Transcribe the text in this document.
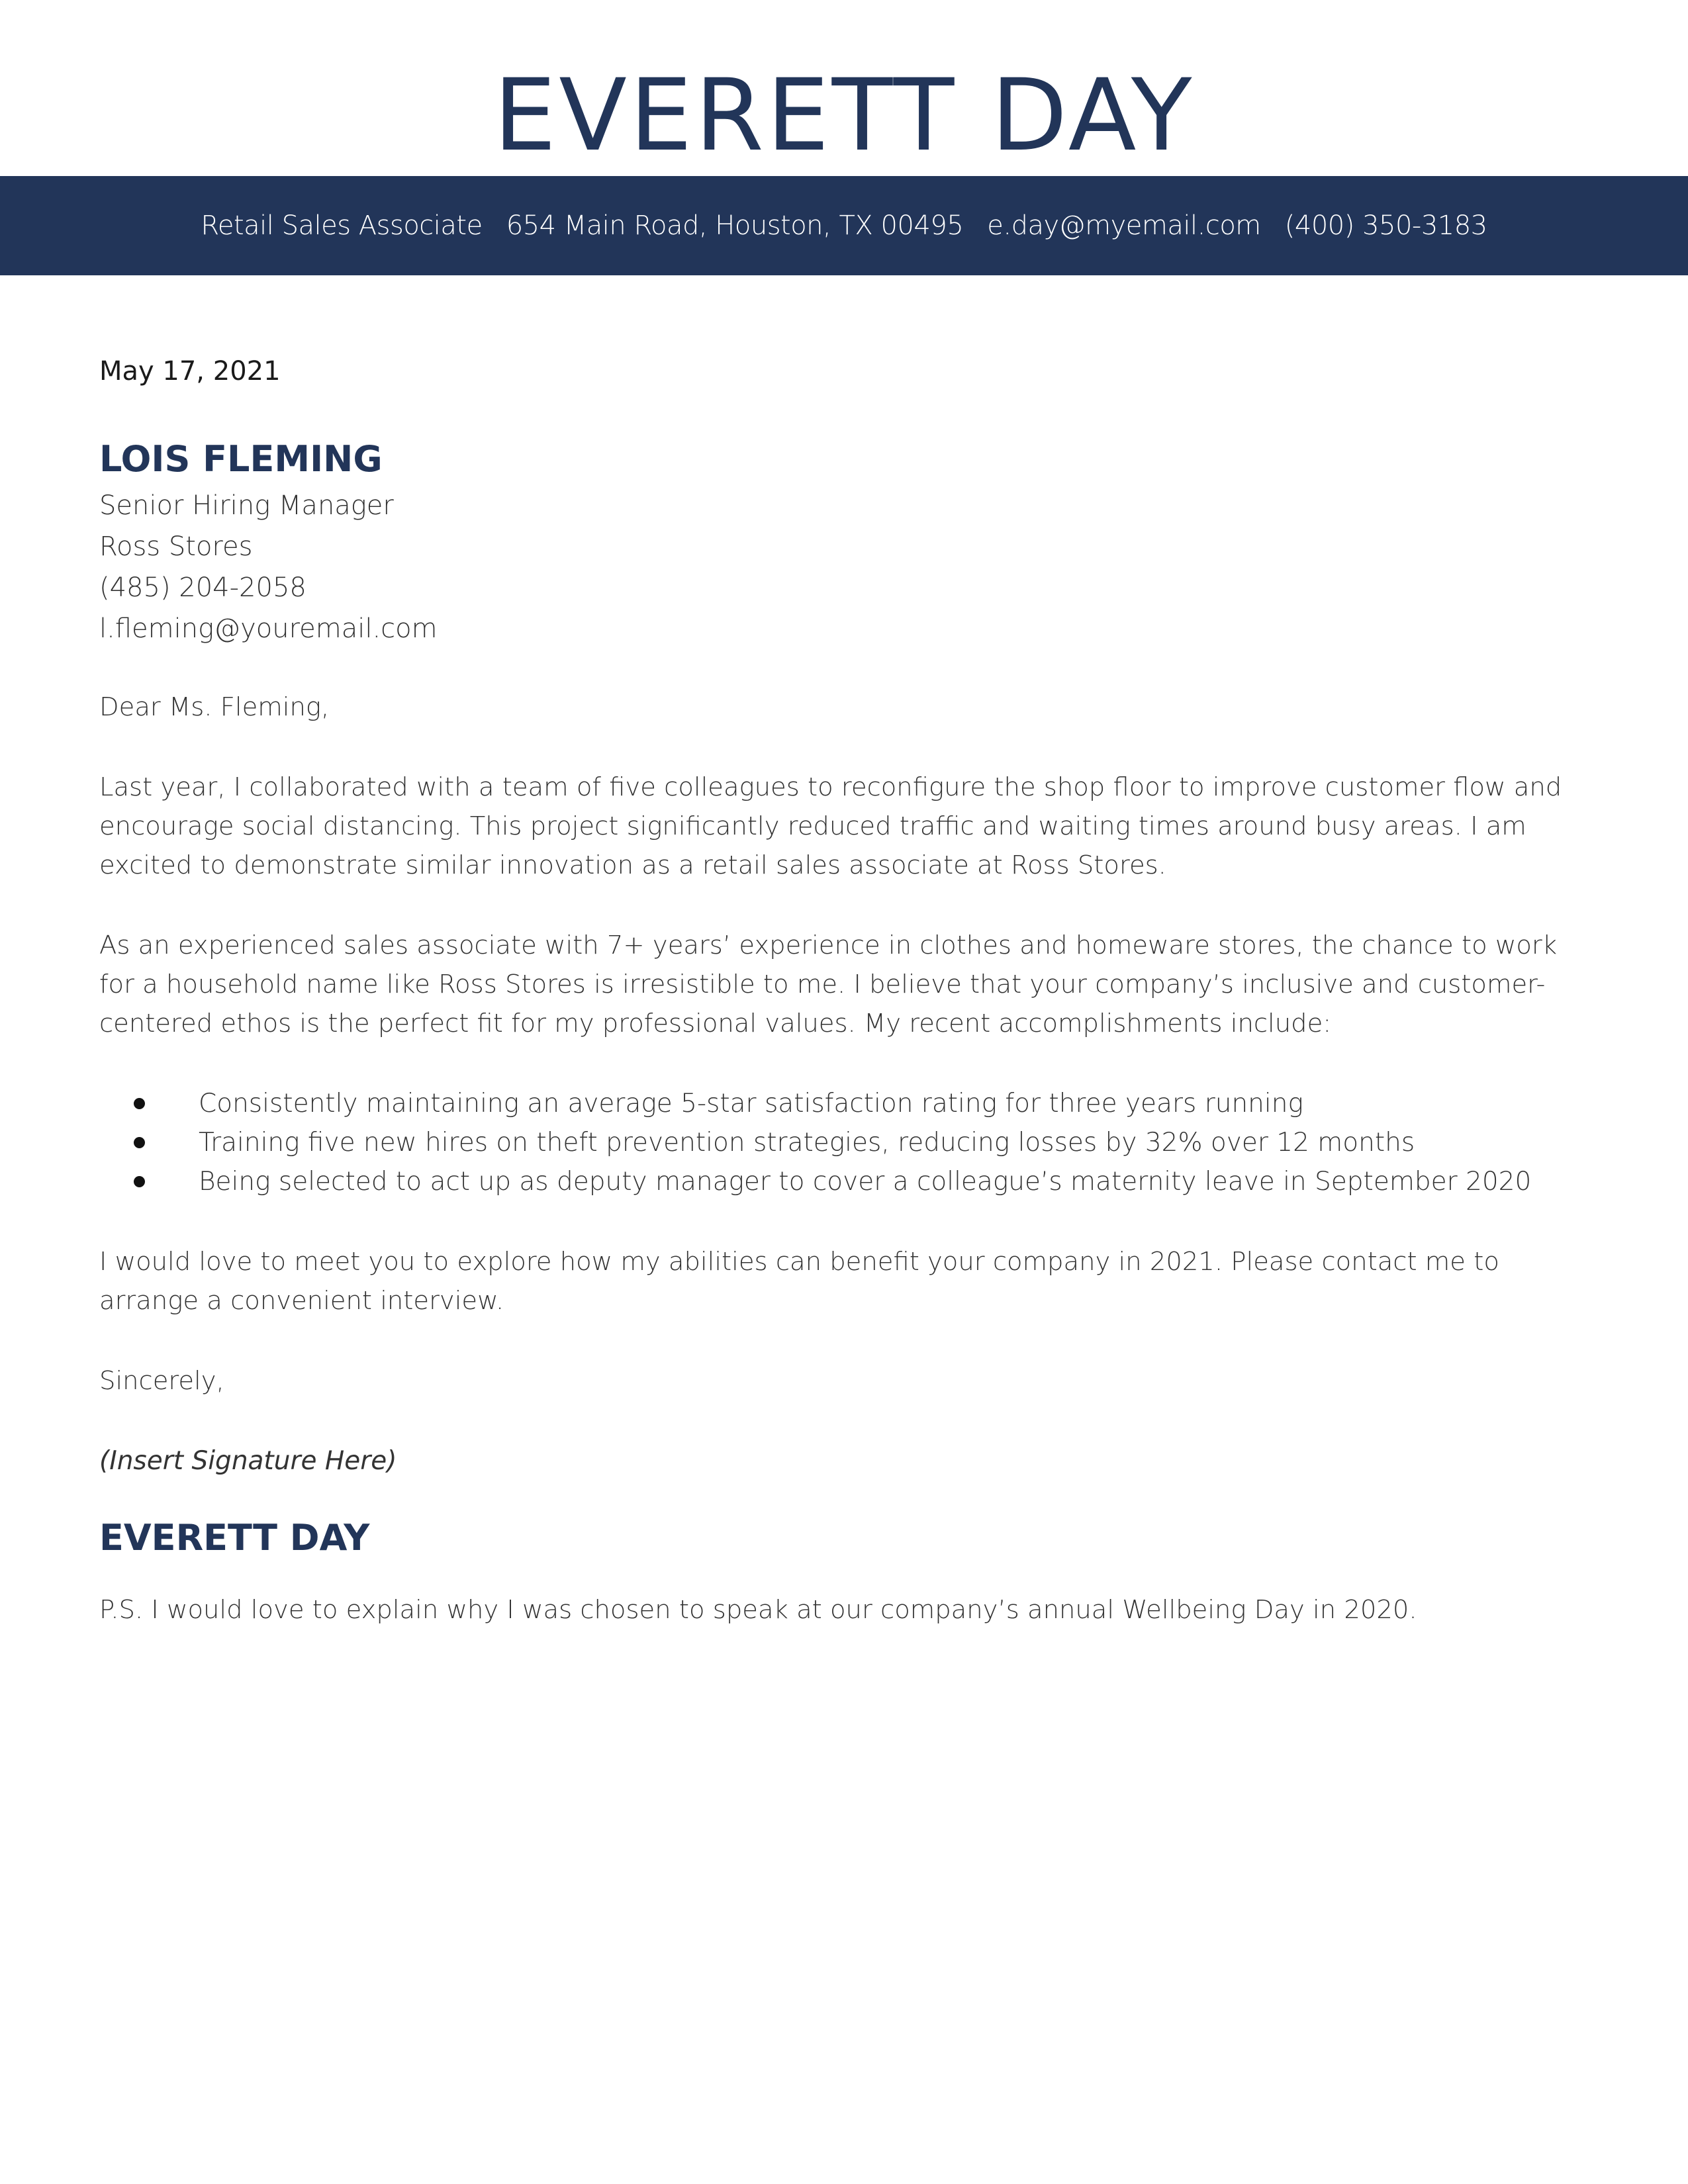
EVERETT DAY
Retail Sales Associate 654 Main Road, Houston, TX 00495 e.day@myemail.com (400) 350-3183

May 17, 2021

LOIS FLEMING

Senior Hiring Manager

Ross Stores

(485) 204-2058

l.fleming@youremail.com

Dear Ms. Fleming,

Last year, I collaborated with a team of five colleagues to reconfigure the shop floor to improve customer flow and encourage social distancing. This project significantly reduced traffic and waiting times around busy areas. I am excited to demonstrate similar innovation as a retail sales associate at Ross Stores.

As an experienced sales associate with 7+ years’ experience in clothes and homeware stores, the chance to work for a household name like Ross Stores is irresistible to me. I believe that your company’s inclusive and customer-centered ethos is the perfect fit for my professional values. My recent accomplishments include:

Consistently maintaining an average 5-star satisfaction rating for three years running
Training five new hires on theft prevention strategies, reducing losses by 32% over 12 months
Being selected to act up as deputy manager to cover a colleague’s maternity leave in September 2020

I would love to meet you to explore how my abilities can benefit your company in 2021. Please contact me to arrange a convenient interview.

Sincerely,

(Insert Signature Here)

EVERETT DAY

P.S. I would love to explain why I was chosen to speak at our company’s annual Wellbeing Day in 2020.
